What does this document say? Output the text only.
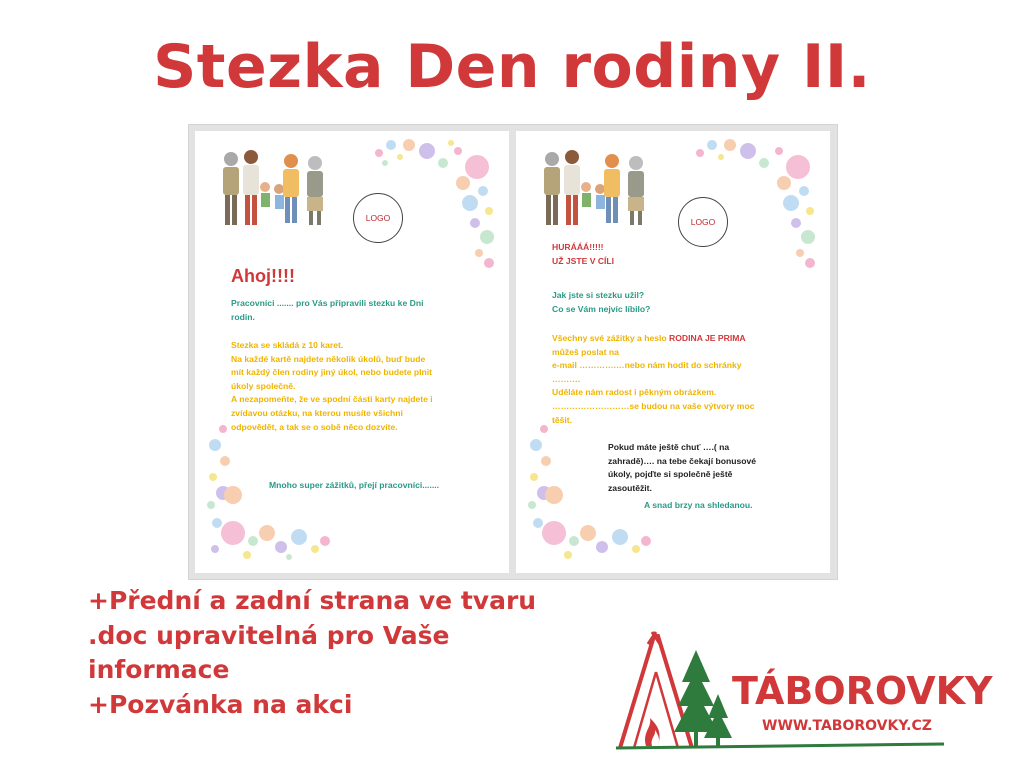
Stezka Den rodiny II.
LOGO
Ahoj!!!!
Pracovníci ....... pro Vás připravili stezku ke Dni
rodin.
Stezka se skládá z 10 karet.
Na každé kartě najdete několik úkolů, buď bude
mít každý člen rodiny jiný úkol, nebo budete plnit
úkoly společně.
A nezapomeňte, že ve spodní části karty najdete i
zvídavou otázku, na kterou musíte všichni
odpovědět, a tak se o sobě něco dozvíte.
Mnoho super zážitků, přejí pracovníci.......
LOGO
HURÁÁÁ!!!!!
UŽ JSTE V CÍLI
Jak jste si stezku užil?
Co se Vám nejvíc líbilo?
Všechny své zážitky a heslo RODINA JE PRIMA
můžeš poslat na
e-mail ………….…nebo nám hodit do schránky
……….
Uděláte nám radost i pěkným obrázkem.
………………………se budou na vaše výtvory moc
těšit.
Pokud máte ještě chuť ….( na
zahradě)…. na tebe čekají bonusové
úkoly, pojďte si společně ještě
zasoutěžit.
A snad brzy na shledanou.
+Přední a zadní strana ve tvaru
.doc upravitelná pro Vaše
informace
+Pozvánka na akci	TÁBOROVKY
WWW.TABOROVKY.CZ
